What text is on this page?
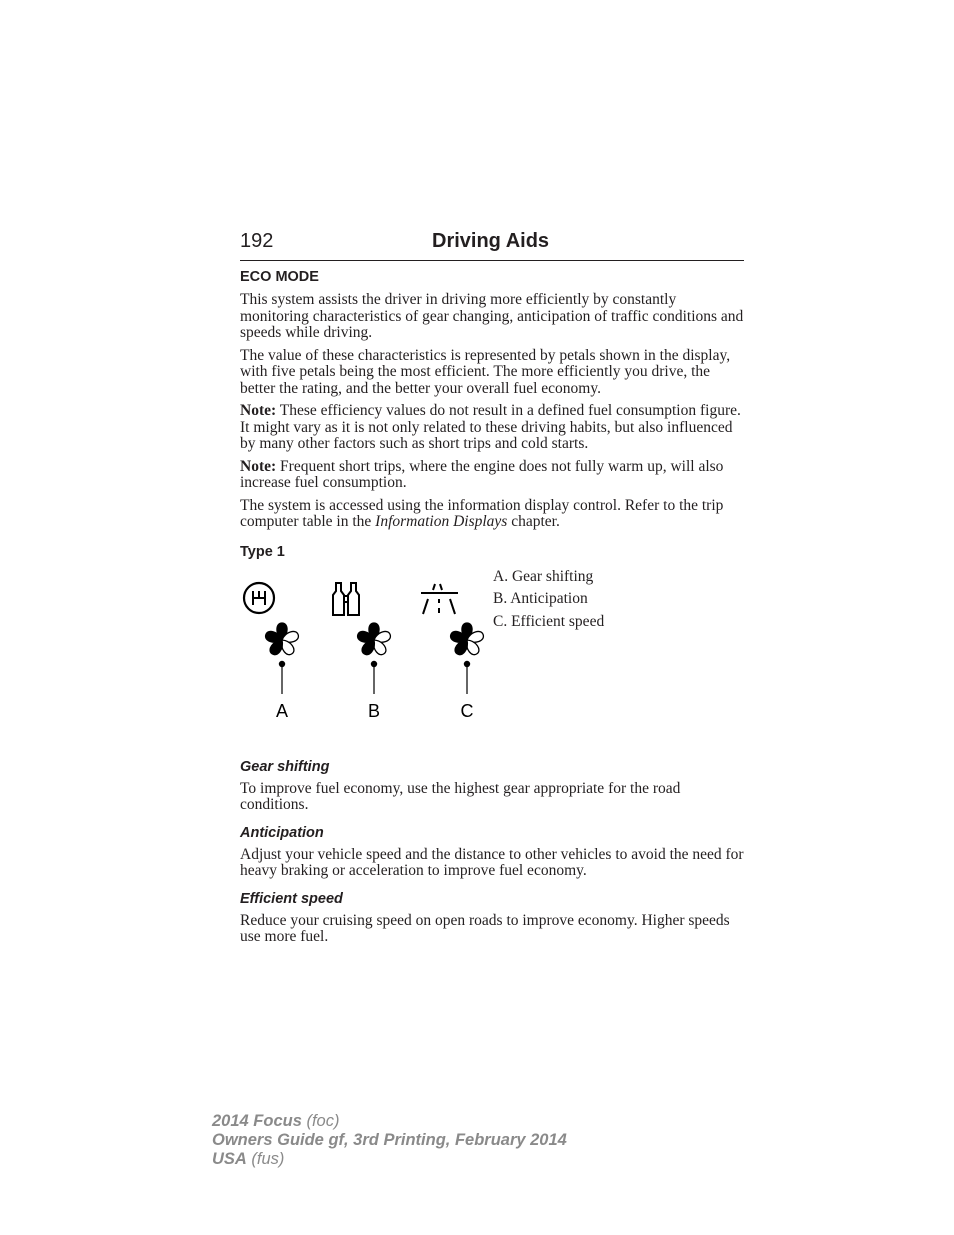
192	Driving Aids
ECO MODE

This system assists the driver in driving more efficiently by constantly monitoring characteristics of gear changing, anticipation of traffic conditions and speeds while driving.

The value of these characteristics is represented by petals shown in the display, with five petals being the most efficient. The more efficiently you drive, the better the rating, and the better your overall fuel economy.

Note: These efficiency values do not result in a defined fuel consumption figure. It might vary as it is not only related to these driving habits, but also influenced by many other factors such as short trips and cold starts.

Note: Frequent short trips, where the engine does not fully warm up, will also increase fuel consumption.

The system is accessed using the information display control. Refer to the trip computer table in the Information Displays chapter.

Type 1
A	B	C
A. Gear shifting
B. Anticipation
C. Efficient speed
Gear shifting

To improve fuel economy, use the highest gear appropriate for the road conditions.

Anticipation

Adjust your vehicle speed and the distance to other vehicles to avoid the need for heavy braking or acceleration to improve fuel economy.

Efficient speed

Reduce your cruising speed on open roads to improve economy. Higher speeds use more fuel.

2014 Focus (foc)
Owners Guide gf, 3rd Printing, February 2014
USA (fus)
